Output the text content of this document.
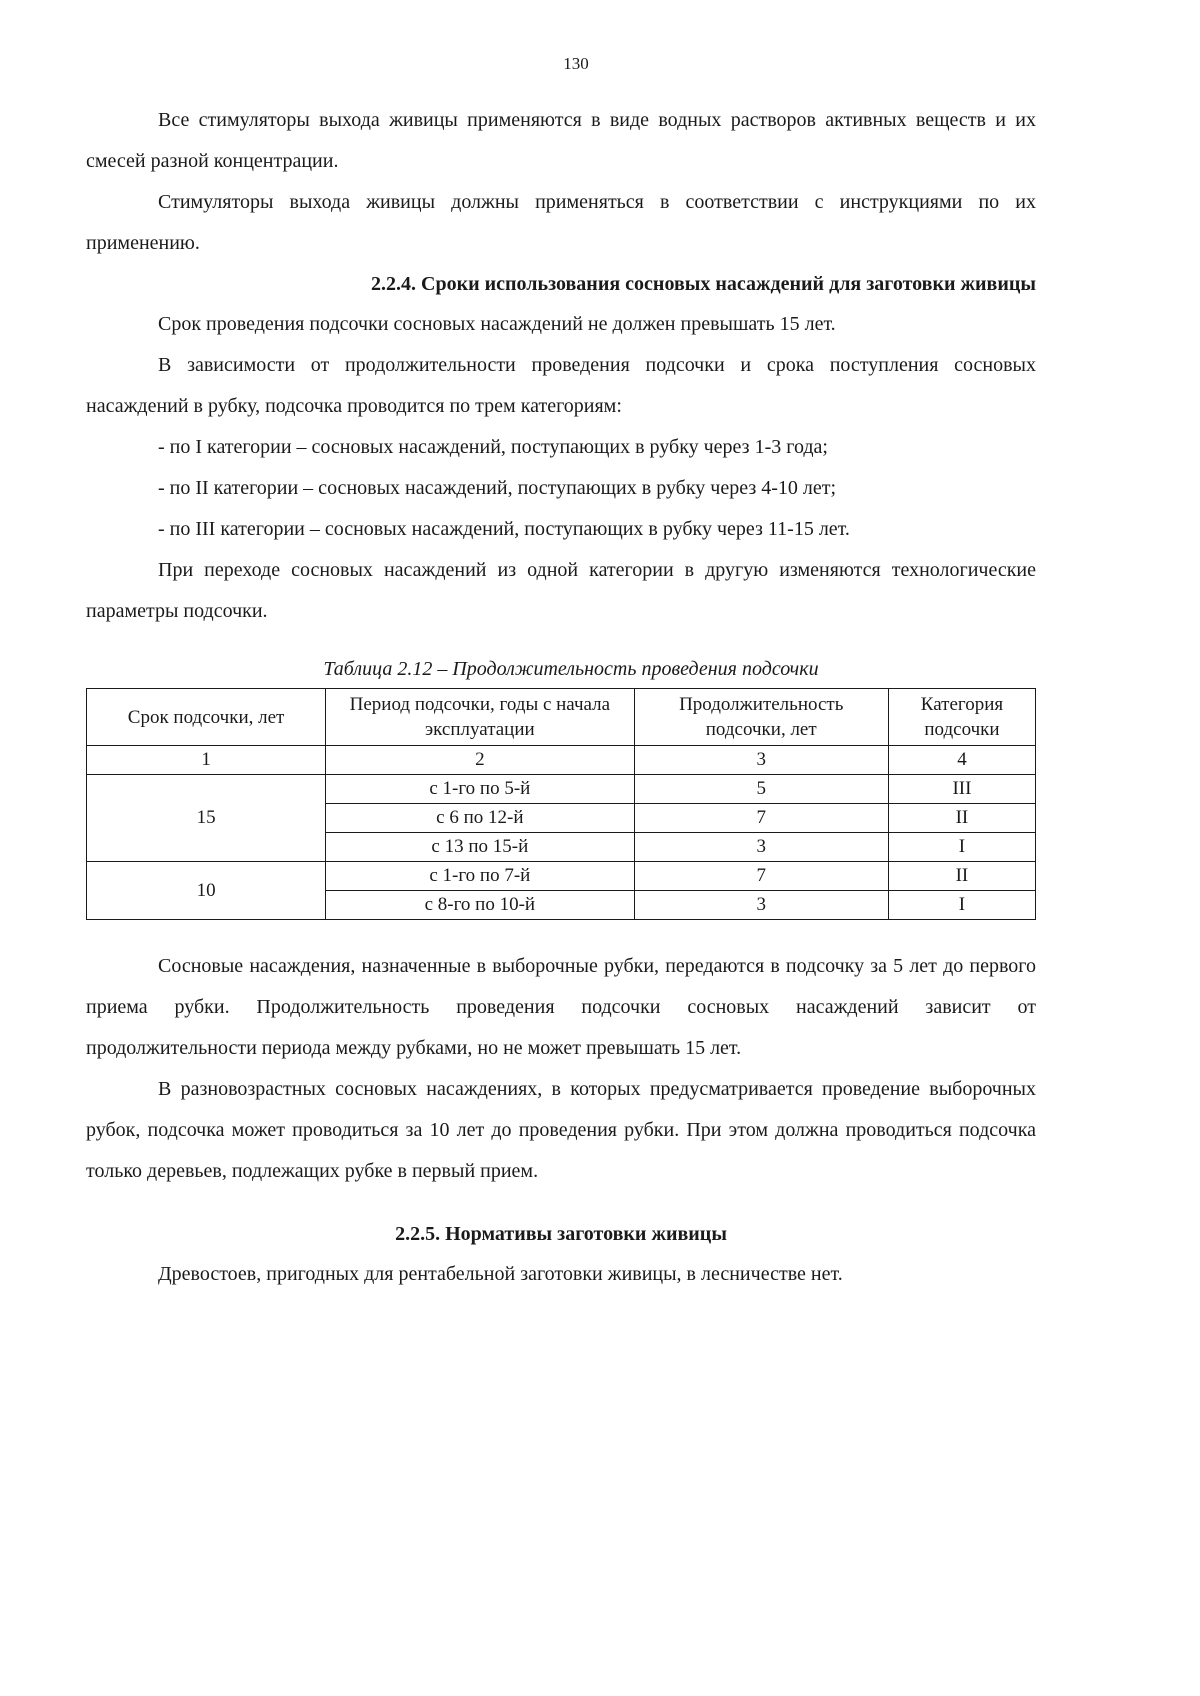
130

Все стимуляторы выхода живицы применяются в виде водных растворов активных веществ и их смесей разной концентрации.

Стимуляторы выхода живицы должны применяться в соответствии с инструкциями по их применению.

2.2.4. Сроки использования сосновых насаждений для заготовки живицы

Срок проведения подсочки сосновых насаждений не должен превышать 15 лет.

В зависимости от продолжительности проведения подсочки и срока поступления сосновых насаждений в рубку, подсочка проводится по трем категориям:

- по I категории – сосновых насаждений, поступающих в рубку через 1-3 года;

- по II категории – сосновых насаждений, поступающих в рубку через 4-10 лет;

- по III категории – сосновых насаждений, поступающих в рубку через 11-15 лет.

При переходе сосновых насаждений из одной категории в другую изменяются технологические параметры подсочки.

Таблица 2.12 – Продолжительность проведения подсочки
Срок подсочки, лет	Период подсочки, годы с начала эксплуатации	Продолжительность подсочки, лет	Категория подсочки
1	2	3	4
15	с 1-го по 5-й	5	III
	с 6 по 12-й	7	II
	с 13 по 15-й	3	I
10	с 1-го по 7-й	7	II
	с 8-го по 10-й	3	I

Сосновые насаждения, назначенные в выборочные рубки, передаются в подсочку за 5 лет до первого приема рубки. Продолжительность проведения подсочки сосновых насаждений зависит от продолжительности периода между рубками, но не может превышать 15 лет.

В разновозрастных сосновых насаждениях, в которых предусматривается проведение выборочных рубок, подсочка может проводиться за 10 лет до проведения рубки. При этом должна проводиться подсочка только деревьев, подлежащих рубке в первый прием.

2.2.5. Нормативы заготовки живицы

Древостоев, пригодных для рентабельной заготовки живицы, в лесничестве нет.
